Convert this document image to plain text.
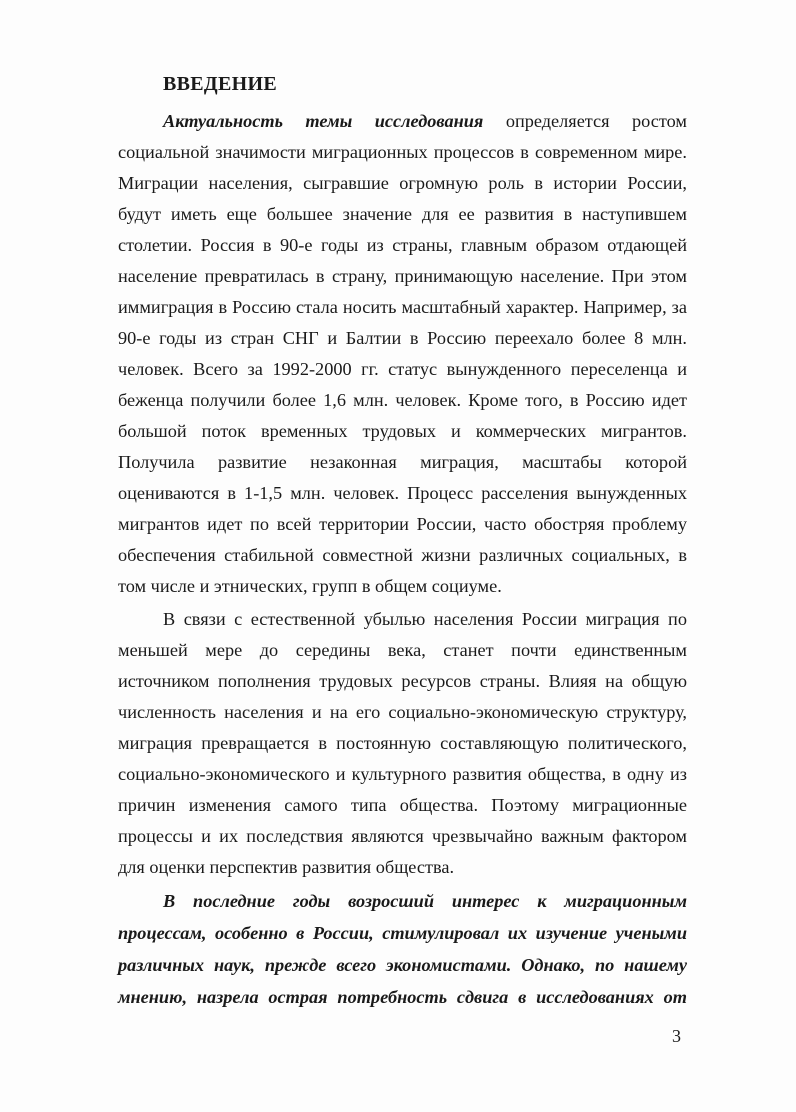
ВВЕДЕНИЕ
Актуальность темы исследования определяется ростом
социальной значимости миграционных процессов в современном мире.
Миграции населения, сыгравшие огромную роль в истории России,
будут иметь еще большее значение для ее развития в наступившем
столетии. Россия в 90-е годы из страны, главным образом отдающей
население превратилась в страну, принимающую население. При этом
иммиграция в Россию стала носить масштабный характер. Например, за
90-е годы из стран СНГ и Балтии в Россию переехало более 8 млн.
человек. Всего за 1992-2000 гг. статус вынужденного переселенца и
беженца получили более 1,6 млн. человек. Кроме того, в Россию идет
большой поток временных трудовых и коммерческих мигрантов.
Получила развитие незаконная миграция, масштабы которой
оцениваются в 1-1,5 млн. человек. Процесс расселения вынужденных
мигрантов идет по всей территории России, часто обостряя проблему
обеспечения стабильной совместной жизни различных социальных, в
том числе и этнических, групп в общем социуме.
В связи с естественной убылью населения России миграция по
меньшей мере до середины века, станет почти единственным
источником пополнения трудовых ресурсов страны. Влияя на общую
численность населения и на его социально-экономическую структуру,
миграция превращается в постоянную составляющую политического,
социально-экономического и культурного развития общества, в одну из
причин изменения самого типа общества. Поэтому миграционные
процессы и их последствия являются чрезвычайно важным фактором
для оценки перспектив развития общества.
В последние годы возросший интерес к миграционным
процессам, особенно в России, стимулировал их изучение учеными
различных наук, прежде всего экономистами. Однако, по нашему
мнению, назрела острая потребность сдвига в исследованиях от
3
